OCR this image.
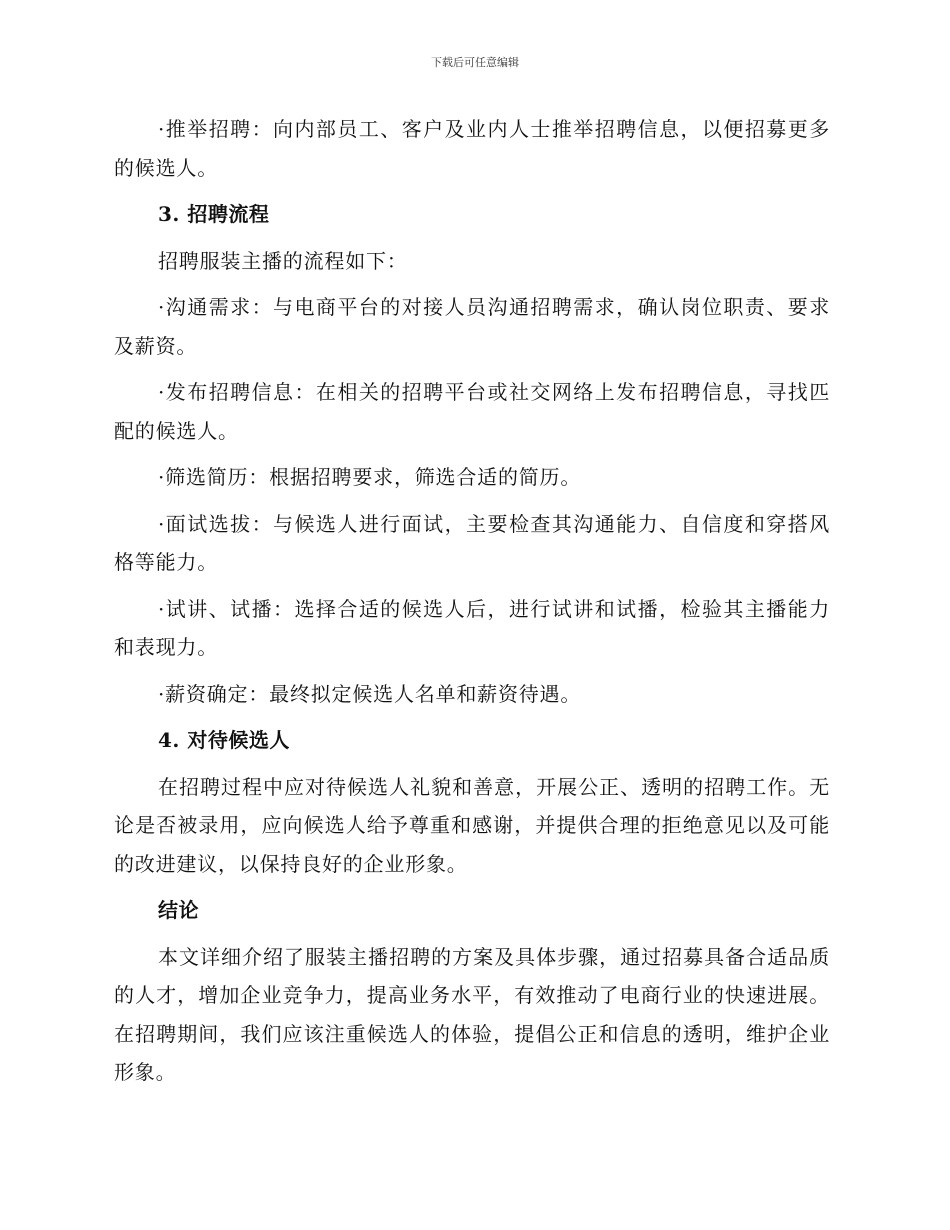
下载后可任意编辑

·推举招聘：向内部员工、客户及业内人士推举招聘信息，以便招募更多的候选人。

3. 招聘流程

招聘服装主播的流程如下：

·沟通需求：与电商平台的对接人员沟通招聘需求，确认岗位职责、要求及薪资。

·发布招聘信息：在相关的招聘平台或社交网络上发布招聘信息，寻找匹配的候选人。

·筛选简历：根据招聘要求，筛选合适的简历。

·面试选拔：与候选人进行面试，主要检查其沟通能力、自信度和穿搭风格等能力。

·试讲、试播：选择合适的候选人后，进行试讲和试播，检验其主播能力和表现力。

·薪资确定：最终拟定候选人名单和薪资待遇。

4. 对待候选人

在招聘过程中应对待候选人礼貌和善意，开展公正、透明的招聘工作。无论是否被录用，应向候选人给予尊重和感谢，并提供合理的拒绝意见以及可能的改进建议，以保持良好的企业形象。

结论

本文详细介绍了服装主播招聘的方案及具体步骤，通过招募具备合适品质的人才，增加企业竞争力，提高业务水平，有效推动了电商行业的快速进展。在招聘期间，我们应该注重候选人的体验，提倡公正和信息的透明，维护企业形象。
